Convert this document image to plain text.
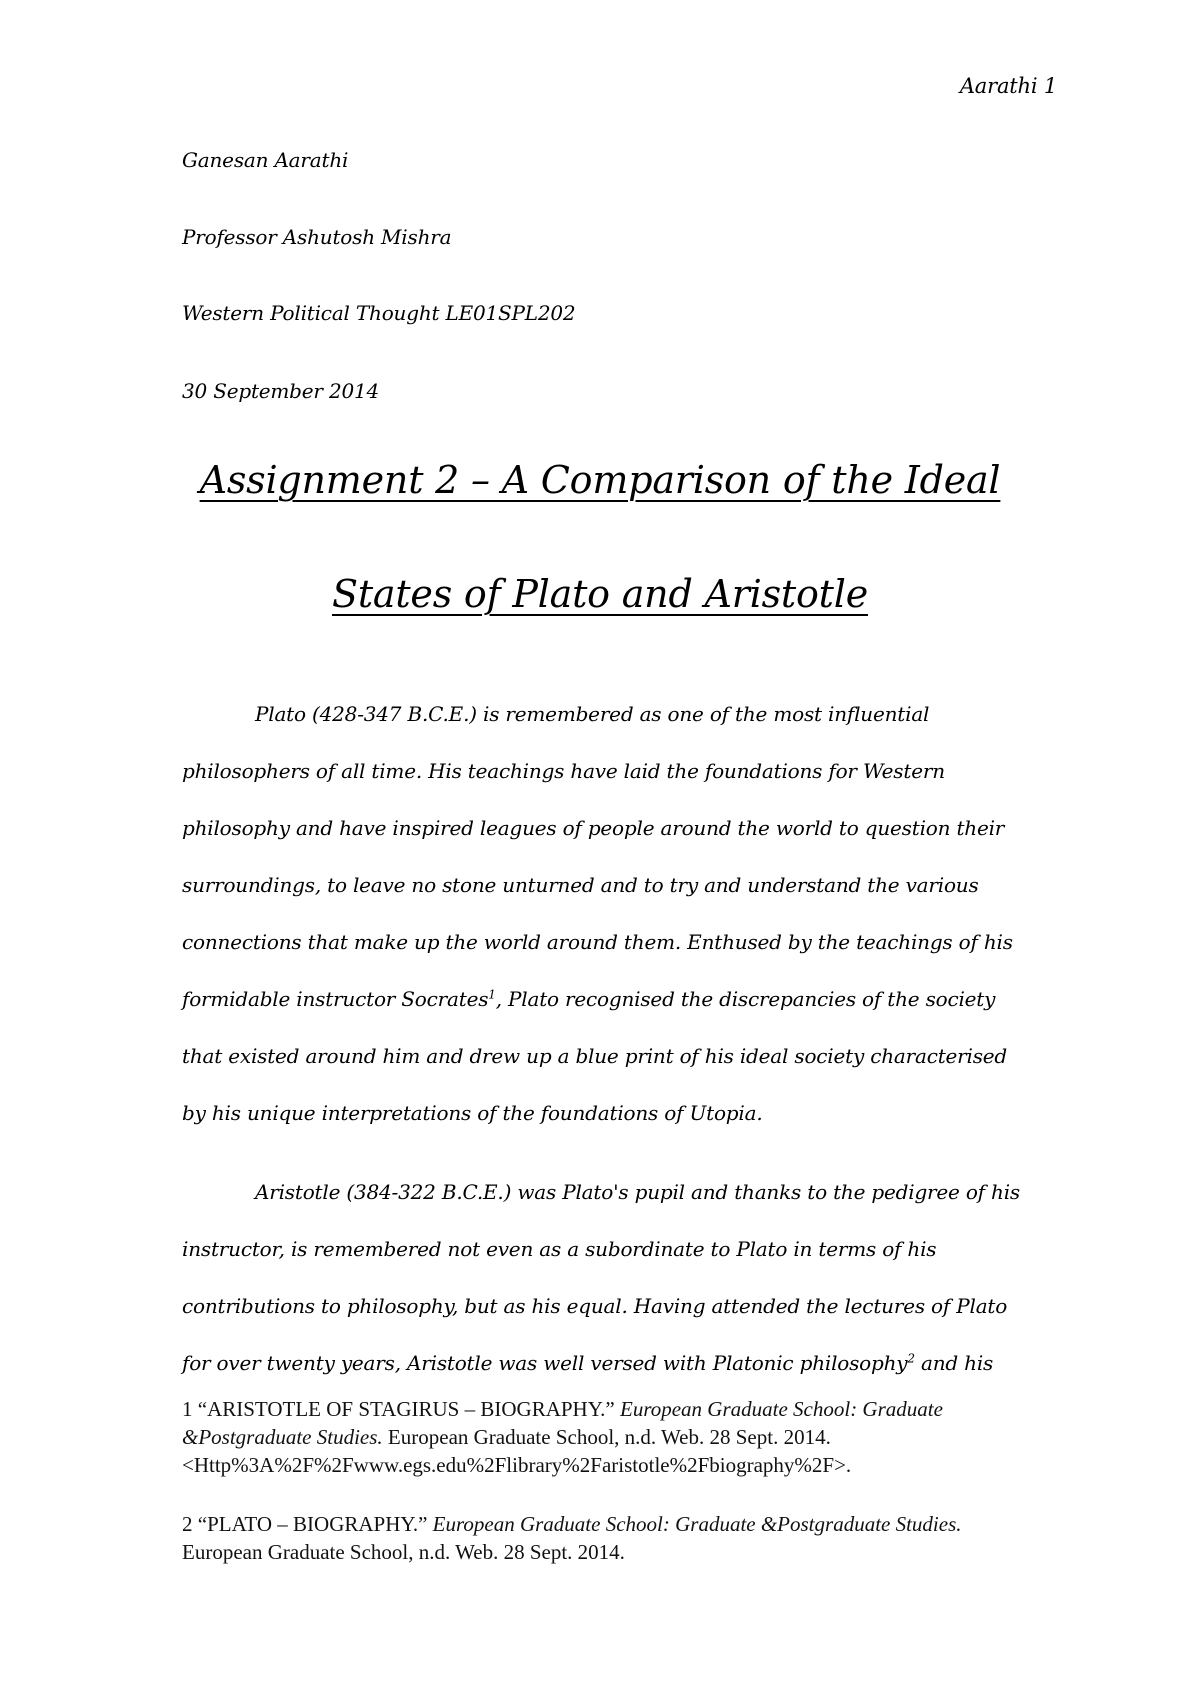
Aarathi 1
Ganesan Aarathi
Professor Ashutosh Mishra
Western Political Thought LE01SPL202
30 September 2014
Assignment 2 – A Comparison of the Ideal
States of Plato and Aristotle
Plato (428-347 B.C.E.) is remembered as one of the most influential
philosophers of all time. His teachings have laid the foundations for Western
philosophy and have inspired leagues of people around the world to question their
surroundings, to leave no stone unturned and to try and understand the various
connections that make up the world around them. Enthused by the teachings of his
formidable instructor Socrates$^1$, Plato recognised the discrepancies of the society
that existed around him and drew up a blue print of his ideal society characterised
by his unique interpretations of the foundations of Utopia.
Aristotle (384-322 B.C.E.) was Plato's pupil and thanks to the pedigree of his
instructor, is remembered not even as a subordinate to Plato in terms of his
contributions to philosophy, but as his equal. Having attended the lectures of Plato
for over twenty years, Aristotle was well versed with Platonic philosophy$^2$ and his
1 “ARISTOTLE OF STAGIRUS – BIOGRAPHY.” European Graduate School: Graduate &Postgraduate Studies. European Graduate School, n.d. Web. 28 Sept. 2014. <Http%3A%2F%2Fwww.egs.edu%2Flibrary%2Faristotle%2Fbiography%2F>.
2 “PLATO – BIOGRAPHY.” European Graduate School: Graduate &Postgraduate Studies. European Graduate School, n.d. Web. 28 Sept. 2014.
